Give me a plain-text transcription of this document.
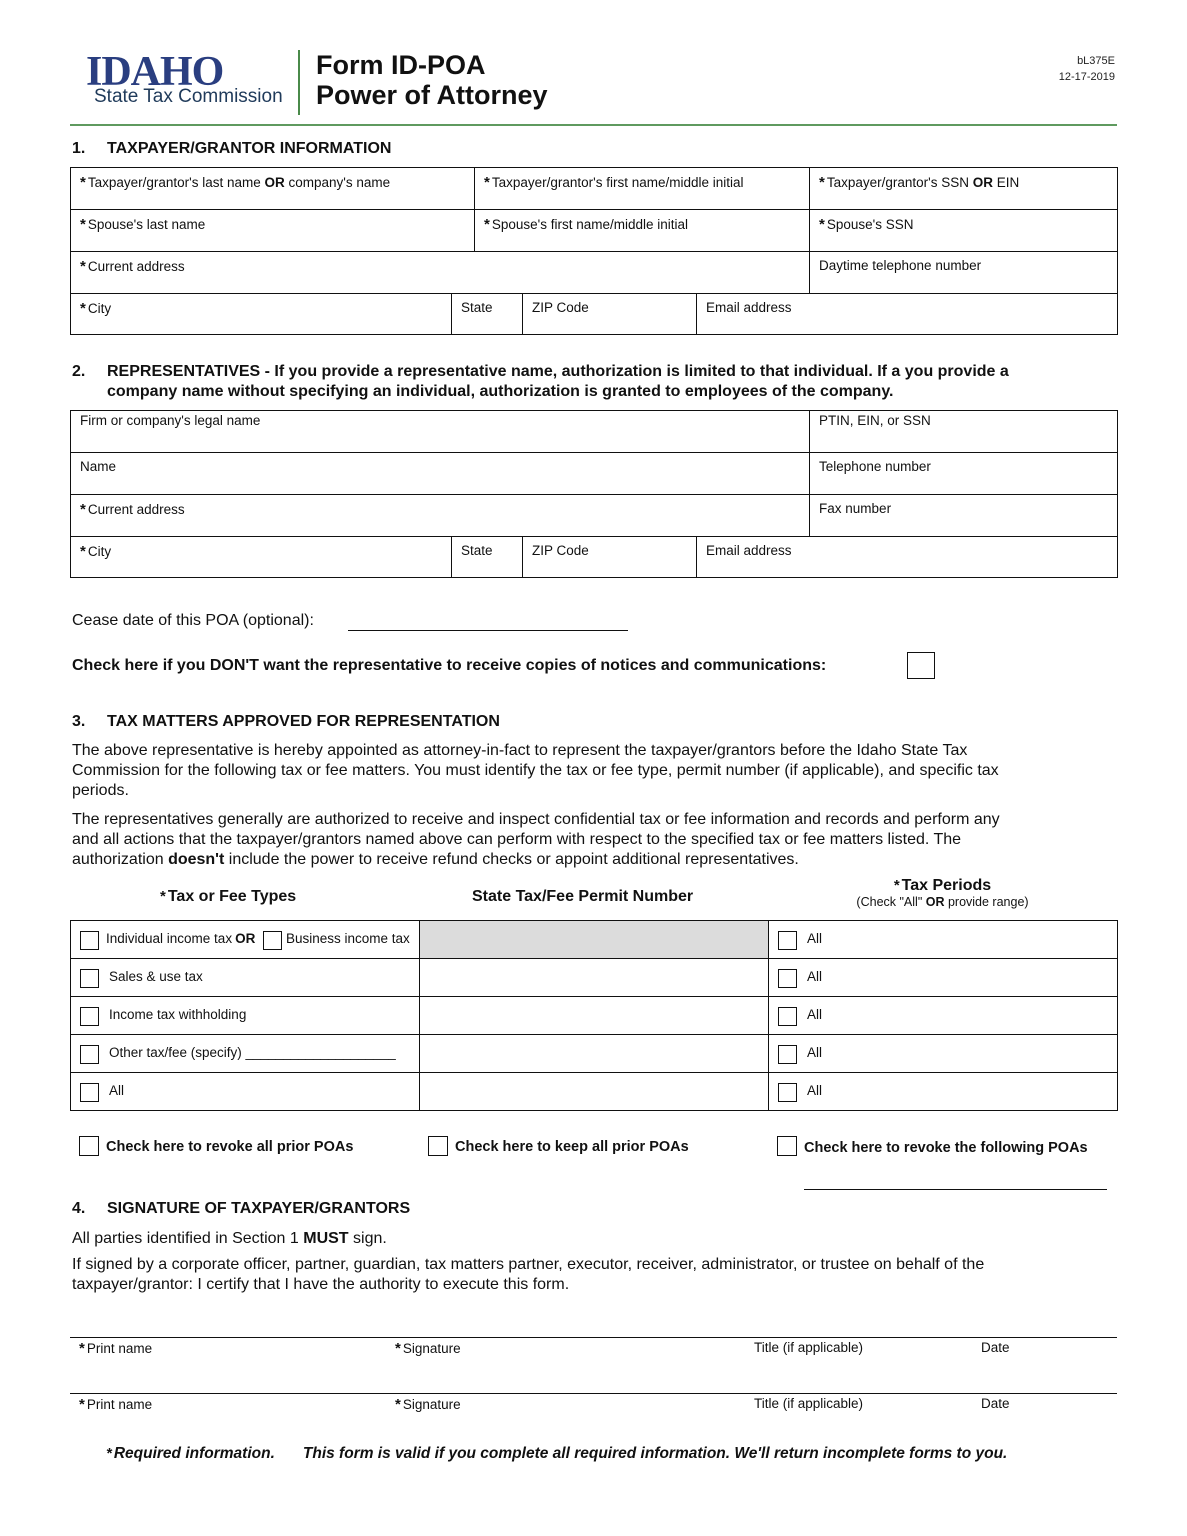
IDAHO
State Tax Commission
Form ID-POA
Power of Attorney
bL375E
12-17-2019
1. TAXPAYER/GRANTOR INFORMATION
* Taxpayer/grantor's last name OR company's name		* Taxpayer/grantor's first name/middle initial			* Taxpayer/grantor's SSN OR EIN

* Spouse's last name		* Spouse's first name/middle initial			* Spouse's SSN

* Current address					Daytime telephone number

* City	State		ZIP Code	Email address	
2. REPRESENTATIVES - If you provide a representative name, authorization is limited to that individual. If a you provide a
company name without specifying an individual, authorization is granted to employees of the company.
Firm or company's legal name				PTIN, EIN, or SSN

Name				Telephone number

* Current address				Fax number

* City	State	ZIP Code	Email address	
Cease date of this POA (optional):
Check here if you DON'T want the representative to receive copies of notices and communications:
3. TAX MATTERS APPROVED FOR REPRESENTATION
The above representative is hereby appointed as attorney-in-fact to represent the taxpayer/grantors before the Idaho State Tax
Commission for the following tax or fee matters. You must identify the tax or fee type, permit number (if applicable), and specific tax
periods.
The representatives generally are authorized to receive and inspect confidential tax or fee information and records and perform any
and all actions that the taxpayer/grantors named above can perform with respect to the specified tax or fee matters listed. The
authorization doesn't include the power to receive refund checks or appoint additional representatives.
* Tax or Fee Types	State Tax/Fee Permit Number
* Tax Periods
(Check "All" OR provide range)
Individual income tax OR Business income tax		All

Sales & use tax		All

Income tax withholding		All

Other tax/fee (specify) ____________________		All

All		All
Check here to revoke all prior POAs	Check here to keep all prior POAs	Check here to revoke the following POAs
4. SIGNATURE OF TAXPAYER/GRANTORS
All parties identified in Section 1 MUST sign.
If signed by a corporate officer, partner, guardian, tax matters partner, executor, receiver, administrator, or trustee on behalf of the
taxpayer/grantor: I certify that I have the authority to execute this form.
* Print name	* Signature	Title (if applicable)	Date
* Print name	* Signature	Title (if applicable)	Date
* Required information. This form is valid if you complete all required information. We'll return incomplete forms to you.
